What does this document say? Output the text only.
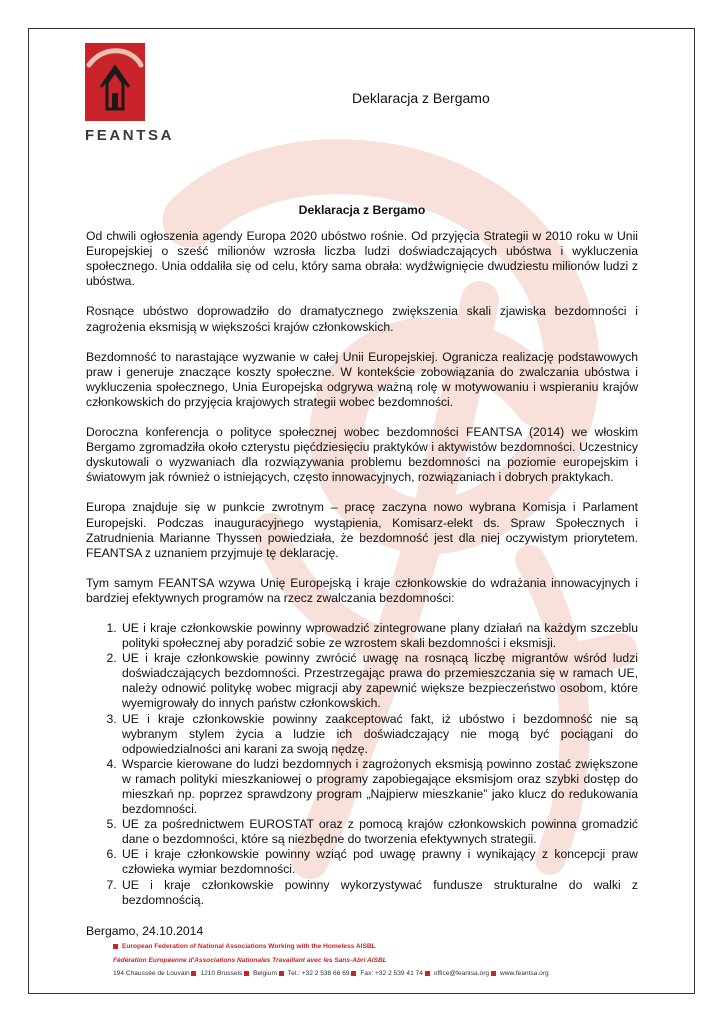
FEANTSA
Deklaracja z Bergamo
Deklaracja z Bergamo

Od chwili ogłoszenia agendy Europa 2020 ubóstwo rośnie. Od przyjęcia Strategii w 2010 roku w Unii Europejskiej o sześć milionów wzrosła liczba ludzi doświadczających ubóstwa i wykluczenia społecznego. Unia oddaliła się od celu, który sama obrała: wydźwignięcie dwudziestu milionów ludzi z ubóstwa.

Rosnące ubóstwo doprowadziło do dramatycznego zwiększenia skali zjawiska bezdomności i zagrożenia eksmisją w większości krajów członkowskich.

Bezdomność to narastające wyzwanie w całej Unii Europejskiej. Ogranicza realizację podstawowych praw i generuje znaczące koszty społeczne. W kontekście zobowiązania do zwalczania ubóstwa i wykluczenia społecznego, Unia Europejska odgrywa ważną rolę w motywowaniu i wspieraniu krajów członkowskich do przyjęcia krajowych strategii wobec bezdomności.

Doroczna konferencja o polityce społecznej wobec bezdomności FEANTSA (2014) we włoskim Bergamo zgromadziła około czterystu pięćdziesięciu praktyków i aktywistów bezdomności. Uczestnicy dyskutowali o wyzwaniach dla rozwiązywania problemu bezdomności na poziomie europejskim i światowym jak również o istniejących, często innowacyjnych, rozwiązaniach i dobrych praktykach.

Europa znajduje się w punkcie zwrotnym – pracę zaczyna nowo wybrana Komisja i Parlament Europejski. Podczas inauguracyjnego wystąpienia, Komisarz-elekt ds. Spraw Społecznych i Zatrudnienia Marianne Thyssen powiedziała, że bezdomność jest dla niej oczywistym priorytetem. FEANTSA z uznaniem przyjmuje tę deklarację.

Tym samym FEANTSA wzywa Unię Europejską i kraje członkowskie do wdrażania innowacyjnych i bardziej efektywnych programów na rzecz zwalczania bezdomności:

1. UE i kraje członkowskie powinny wprowadzić zintegrowane plany działań na każdym szczeblu polityki społecznej aby poradzić sobie ze wzrostem skali bezdomności i eksmisji.
2. UE i kraje członkowskie powinny zwrócić uwagę na rosnącą liczbę migrantów wśród ludzi doświadczających bezdomności. Przestrzegając prawa do przemieszczania się w ramach UE, należy odnowić politykę wobec migracji aby zapewnić większe bezpieczeństwo osobom, które wyemigrowały do innych państw członkowskich.
3. UE i kraje członkowskie powinny zaakceptować fakt, iż ubóstwo i bezdomność nie są wybranym stylem życia a ludzie ich doświadczający nie mogą być pociągani do odpowiedzialności ani karani za swoją nędzę.
4. Wsparcie kierowane do ludzi bezdomnych i zagrożonych eksmisją powinno zostać zwiększone w ramach polityki mieszkaniowej o programy zapobiegające eksmisjom oraz szybki dostęp do mieszkań np. poprzez sprawdzony program „Najpierw mieszkanie” jako klucz do redukowania bezdomności.
5. UE za pośrednictwem EUROSTAT oraz z pomocą krajów członkowskich powinna gromadzić dane o bezdomności, które są niezbędne do tworzenia efektywnych strategii.
6. UE i kraje członkowskie powinny wziąć pod uwagę prawny i wynikający z koncepcji praw człowieka wymiar bezdomności.
7. UE i kraje członkowskie powinny wykorzystywać fundusze strukturalne do walki z bezdomnością.

Bergamo, 24.10.2014

European Federation of National Associations Working with the Homeless AISBL
Fédération Européenne d'Associations Nationales Travaillant avec les Sans-Abri AISBL
194 Chaussée de Louvain 1210 Brussels Belgium Tel.: +32 2 538 66 69 Fax: +32 2 539 41 74 office@feantsa.org www.feantsa.org
